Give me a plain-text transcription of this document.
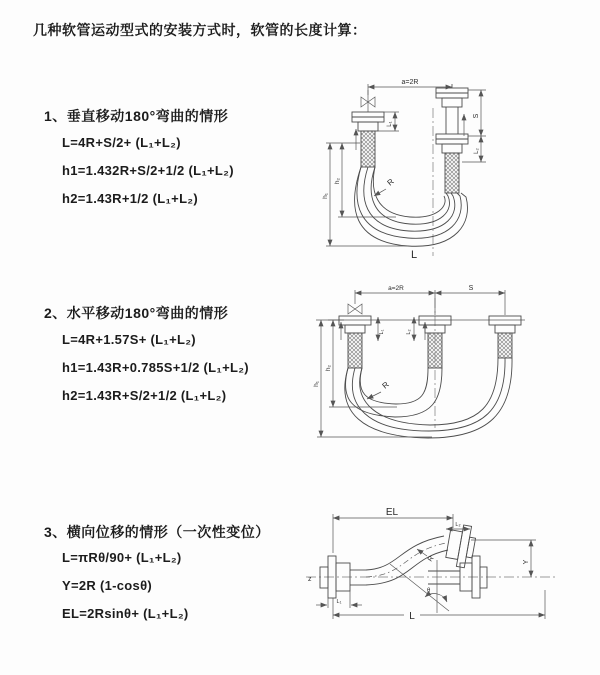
几种软管运动型式的安装方式时，软管的长度计算：
1、垂直移动180°弯曲的情形
L=4R+S/2+ (L₁+L₂)
h1=1.432R+S/2+1/2 (L₁+L₂)
h2=1.43R+1/2 (L₁+L₂)
2、水平移动180°弯曲的情形
L=4R+1.57S+ (L₁+L₂)
h1=1.43R+0.785S+1/2 (L₁+L₂)
h2=1.43R+S/2+1/2 (L₁+L₂)
3、横向位移的情形（一次性变位）
L=πRθ/90+ (L₁+L₂)
Y=2R (1-cosθ)
EL=2Rsinθ+ (L₁+L₂)
a=2R
L₁
S
L₂
h₁
h₂	R
L
a=2R	S
L₁	L₂
h₁
h₂
R
z
EL
L₂
L₁
θ
R	Y
L
